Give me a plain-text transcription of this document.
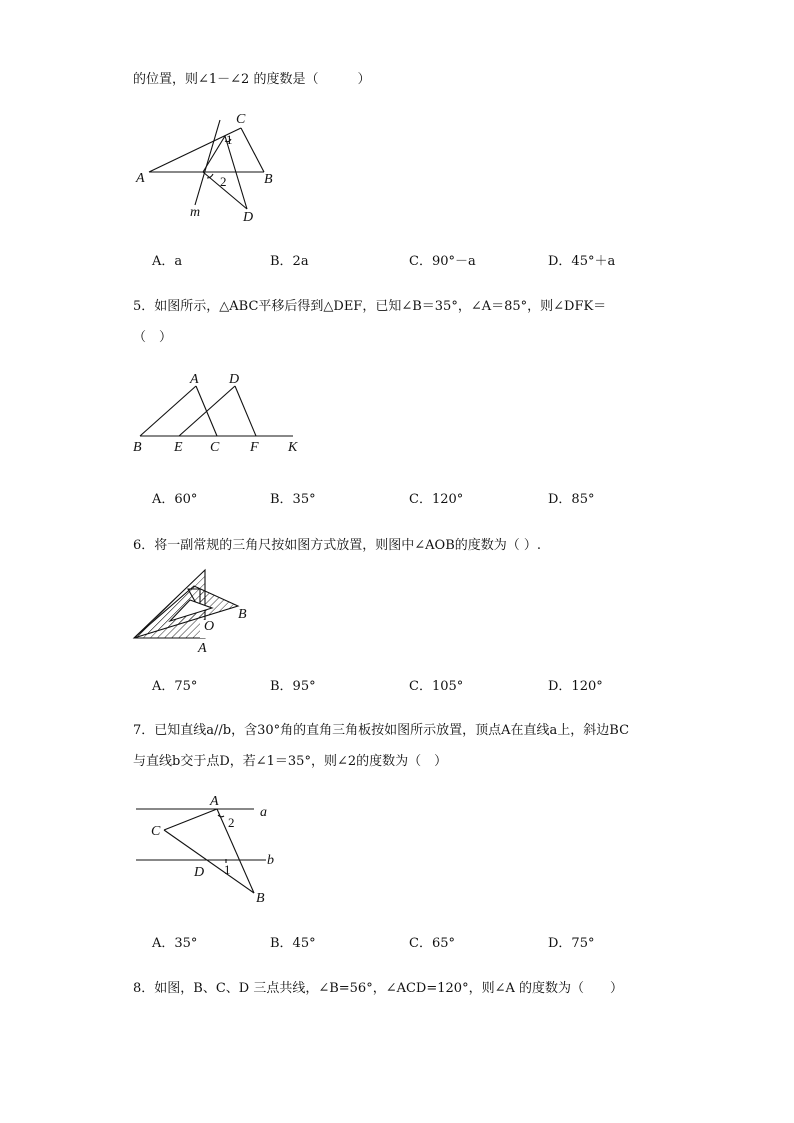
的位置，则∠1－∠2 的度数是（　　　）
A	B
C
D
m
1
2
A．a	B．2a	C．90°－a	D．45°＋a
5．如图所示，△ABC平移后得到△DEF，已知∠B＝35°，∠A＝85°，则∠DFK＝
（　）
A D
B E C F K
A．60°	B．35°	C．120°	D．85°
6．将一副常规的三角尺按如图方式放置，则图中∠AOB的度数为（ ）.
B
O
A
A．75°	B．95°	C．105°	D．120°
7．已知直线a//b，含30°角的直角三角板按如图所示放置，顶点A在直线a上，斜边BC
与直线b交于点D，若∠1＝35°，则∠2的度数为（　）
A
a
C
2
b
D 1
B
A．35°	B．45°	C．65°	D．75°
8．如图，B、C、D 三点共线，∠B=56°，∠ACD=120°，则∠A 的度数为（　　）
